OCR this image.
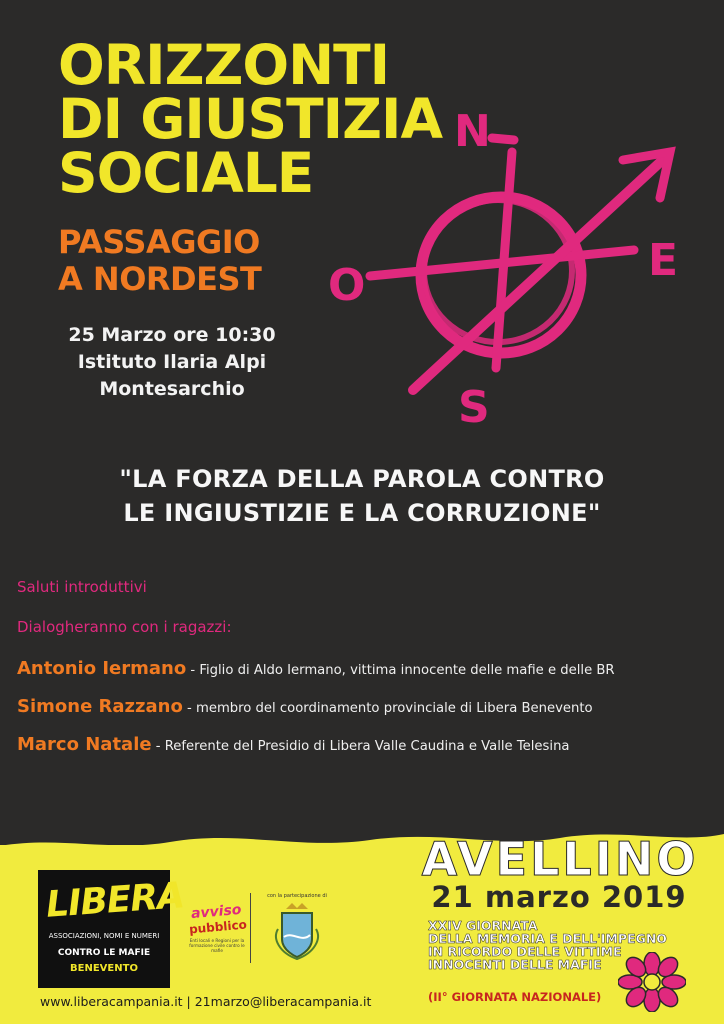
ORIZZONTI
DI GIUSTIZIA
SOCIALE
PASSAGGIO
A NORDEST
25 Marzo ore 10:30
Istituto Ilaria Alpi
Montesarchio
N
O	E
S
"LA FORZA DELLA PAROLA CONTRO
LE INGIUSTIZIE E LA CORRUZIONE"
Saluti introduttivi
Dialogheranno con i ragazzi:
Antonio Iermano - Figlio di Aldo Iermano, vittima innocente delle mafie e delle BR
Simone Razzano - membro del coordinamento provinciale di Libera Benevento
Marco Natale - Referente del Presidio di Libera Valle Caudina e Valle Telesina
LIBERA
ASSOCIAZIONI, NOMI E NUMERI
CONTRO LE MAFIE
BENEVENTO
avviso
pubblico
Enti locali e Regioni per la formazione civile contro le mafie
con la partecipazione di
www.liberacampania.it | 21marzo@liberacampania.it
AVELLINO
21 marzo 2019
XXIV GIORNATA
DELLA MEMORIA E DELL'IMPEGNO
IN RICORDO DELLE VITTIME
INNOCENTI DELLE MAFIE
(II° GIORNATA NAZIONALE)
